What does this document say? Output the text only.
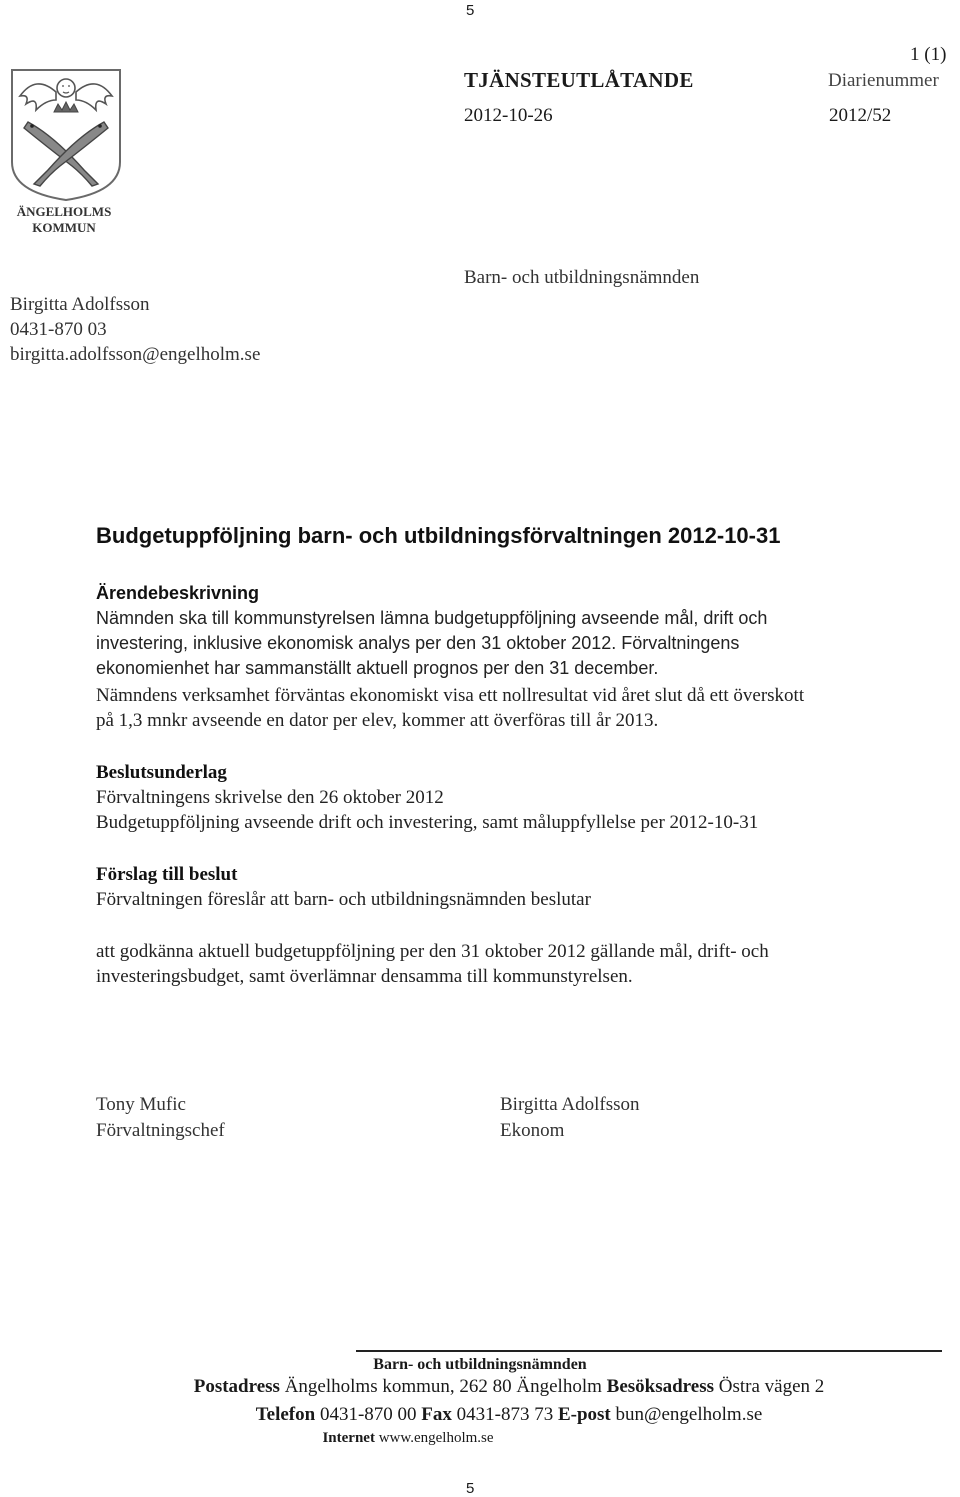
5
ÄNGELHOLMS
KOMMUN
1 (1)
TJÄNSTEUTLÅTANDE	Diarienummer
2012-10-26	2012/52
Barn- och utbildningsnämnden
Birgitta Adolfsson
0431-870 03
birgitta.adolfsson@engelholm.se
Budgetuppföljning barn- och utbildningsförvaltningen 2012-10-31
Ärendebeskrivning
Nämnden ska till kommunstyrelsen lämna budgetuppföljning avseende mål, drift och
investering, inklusive ekonomisk analys per den 31 oktober 2012. Förvaltningens
ekonomienhet har sammanställt aktuell prognos per den 31 december.
Nämndens verksamhet förväntas ekonomiskt visa ett nollresultat vid året slut då ett överskott
på 1,3 mnkr avseende en dator per elev, kommer att överföras till år 2013.
Beslutsunderlag
Förvaltningens skrivelse den 26 oktober 2012
Budgetuppföljning avseende drift och investering, samt måluppfyllelse per 2012-10-31
Förslag till beslut
Förvaltningen föreslår att barn- och utbildningsnämnden beslutar
att godkänna aktuell budgetuppföljning per den 31 oktober 2012 gällande mål, drift- och
investeringsbudget, samt överlämnar densamma till kommunstyrelsen.
Tony Mufic
Förvaltningschef
Birgitta Adolfsson
Ekonom
Barn- och utbildningsnämnden
Postadress Ängelholms kommun, 262 80 Ängelholm Besöksadress Östra vägen 2
Telefon 0431-870 00 Fax 0431-873 73 E-post bun@engelholm.se
Internet www.engelholm.se
5
